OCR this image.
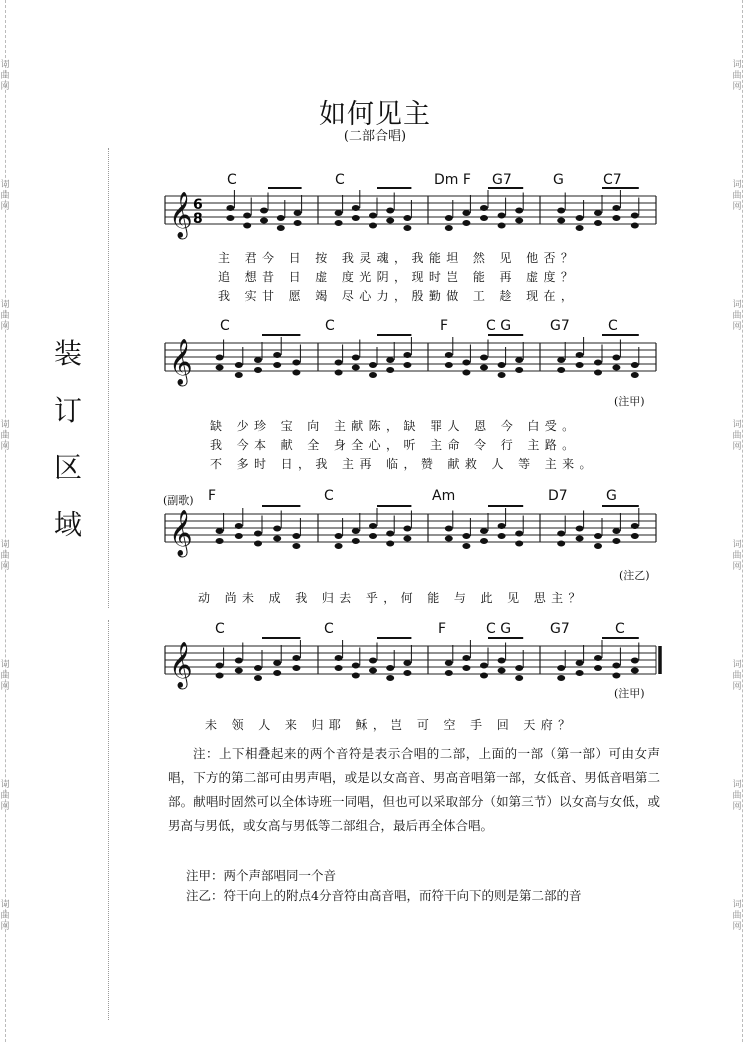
词
曲
网
词
曲
网
词
曲
网
词
曲
网
词
曲
网
词
曲
网
词
曲
网
词
曲
网
词
曲
网
词
曲
网
词
曲
网
词
曲
网
词
曲
网
词
曲
网
词
曲
网
词
曲
网
如何见主
(二部合唱)
装
订
区
域
𝄞 6
8
𝄞
𝄞
𝄞
C	C	Dm F G7	G	C7
主 君今 日 按 我灵魂，我能坦 然 见 他否？
追 想昔 日 虚 度光阴，现时岂 能 再 虚度？
我 实甘 愿 竭 尽心力，殷勤做 工 趁 现在，
C	C	F	C G	G7	C
(注甲)
缺 少珍 宝 向 主献陈，缺 罪人 恩 今 白受。
我 今本 献 全 身全心，听 主命 令 行 主路。
不 多时 日，我 主再 临，赞 献救 人 等 主来。
(副歌) F	C	Am	D7	G
(注乙)
动 尚未 成 我 归去 乎，何 能 与 此 见 思主？
C	C	F	C G	G7	C
(注甲)
未 领 人 来 归耶 稣，岂 可 空 手 回 天府？
注：上下相叠起来的两个音符是表示合唱的二部，上面的一部（第一部）可由女声唱，下方的第二部可由男声唱，或是以女高音、男高音唱第一部，女低音、男低音唱第二部。献唱时固然可以全体诗班一同唱，但也可以采取部分（如第三节）以女高与女低，或男高与男低，或女高与男低等二部组合，最后再全体合唱。
注甲：两个声部唱同一个音
注乙：符干向上的附点4分音符由高音唱，而符干向下的则是第二部的音
